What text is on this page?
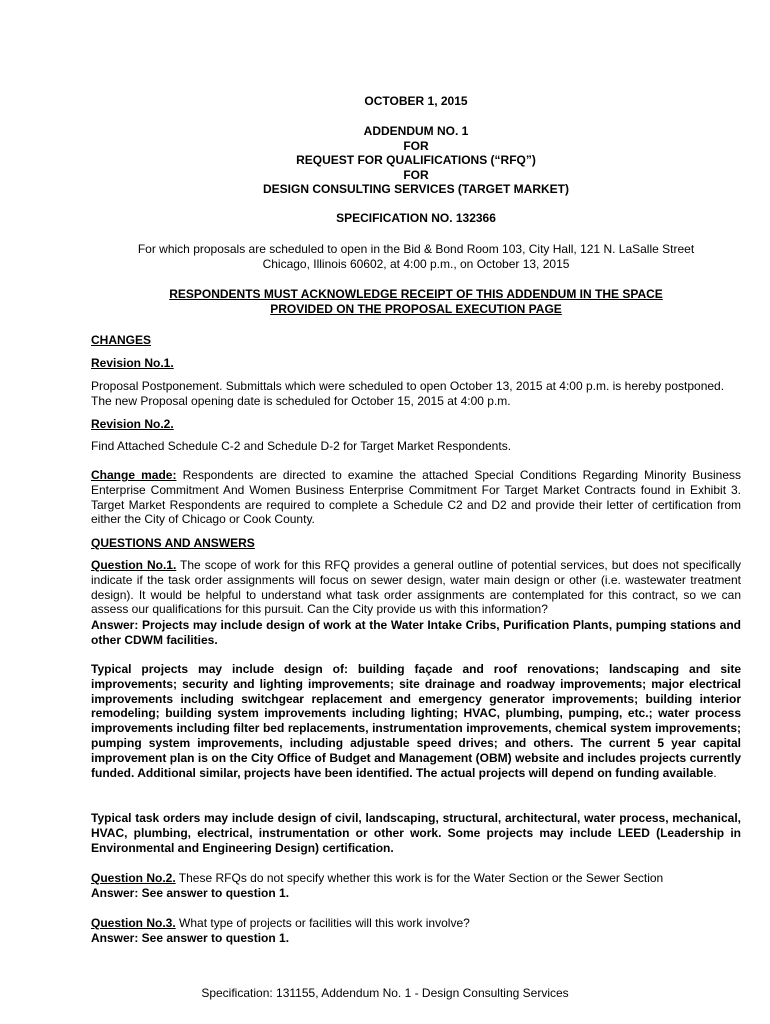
OCTOBER 1, 2015
ADDENDUM NO. 1
FOR
REQUEST FOR QUALIFICATIONS (“RFQ”)
FOR
DESIGN CONSULTING SERVICES (TARGET MARKET)
SPECIFICATION NO. 132366
For which proposals are scheduled to open in the Bid & Bond Room 103, City Hall, 121 N. LaSalle Street
Chicago, Illinois 60602, at 4:00 p.m., on October 13, 2015
RESPONDENTS MUST ACKNOWLEDGE RECEIPT OF THIS ADDENDUM IN THE SPACE
PROVIDED ON THE PROPOSAL EXECUTION PAGE
CHANGES
Revision No.1.
Proposal Postponement. Submittals which were scheduled to open October 13, 2015 at 4:00 p.m. is hereby postponed. The new Proposal opening date is scheduled for October 15, 2015 at 4:00 p.m.
Revision No.2.
Find Attached Schedule C-2 and Schedule D-2 for Target Market Respondents.
Change made: Respondents are directed to examine the attached Special Conditions Regarding Minority Business Enterprise Commitment And Women Business Enterprise Commitment For Target Market Contracts found in Exhibit 3. Target Market Respondents are required to complete a Schedule C2 and D2 and provide their letter of certification from either the City of Chicago or Cook County.
QUESTIONS AND ANSWERS
Question No.1. The scope of work for this RFQ provides a general outline of potential services, but does not specifically indicate if the task order assignments will focus on sewer design, water main design or other (i.e. wastewater treatment design). It would be helpful to understand what task order assignments are contemplated for this contract, so we can assess our qualifications for this pursuit. Can the City provide us with this information?
Answer: Projects may include design of work at the Water Intake Cribs, Purification Plants, pumping stations and other CDWM facilities.
Typical projects may include design of: building façade and roof renovations; landscaping and site improvements; security and lighting improvements; site drainage and roadway improvements; major electrical improvements including switchgear replacement and emergency generator improvements; building interior remodeling; building system improvements including lighting; HVAC, plumbing, pumping, etc.; water process improvements including filter bed replacements, instrumentation improvements, chemical system improvements; pumping system improvements, including adjustable speed drives; and others. The current 5 year capital improvement plan is on the City Office of Budget and Management (OBM) website and includes projects currently funded. Additional similar, projects have been identified. The actual projects will depend on funding available.
Typical task orders may include design of civil, landscaping, structural, architectural, water process, mechanical, HVAC, plumbing, electrical, instrumentation or other work. Some projects may include LEED (Leadership in Environmental and Engineering Design) certification.
Question No.2. These RFQs do not specify whether this work is for the Water Section or the Sewer Section
Answer: See answer to question 1.
Question No.3. What type of projects or facilities will this work involve?
Answer: See answer to question 1.
Specification: 131155, Addendum No. 1 - Design Consulting Services
